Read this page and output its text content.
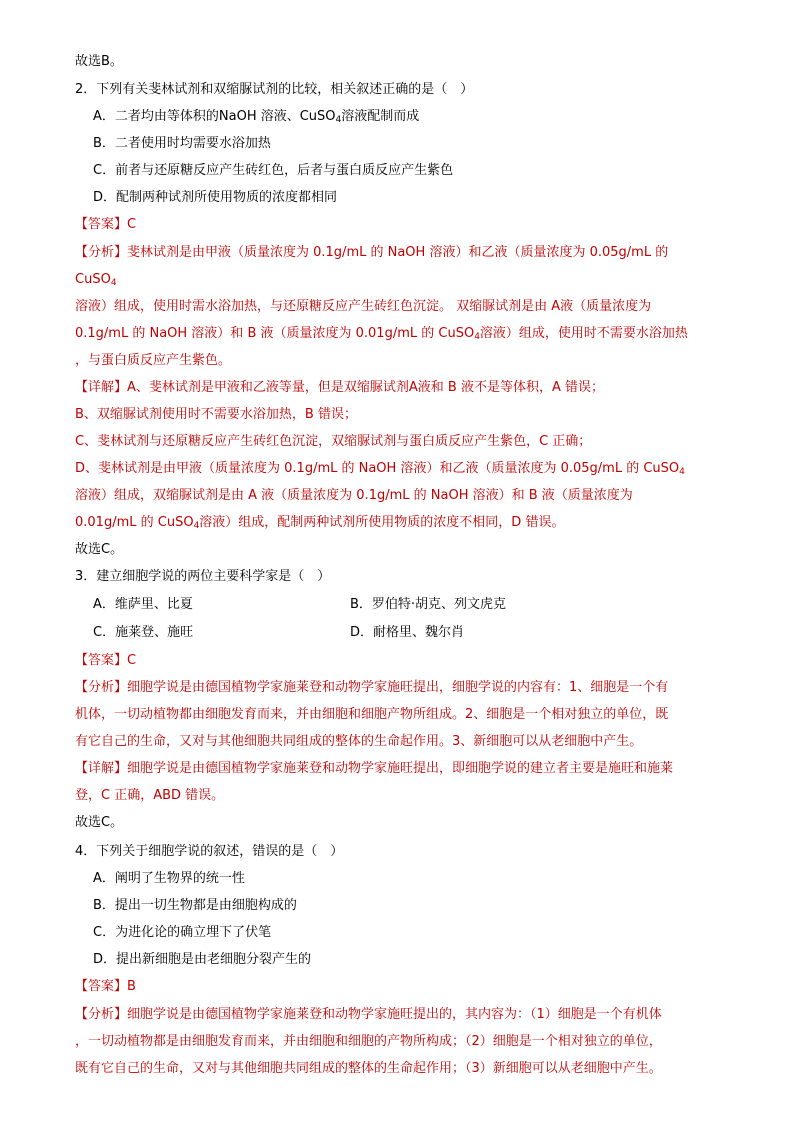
故选B。
2．下列有关斐林试剂和双缩脲试剂的比较，相关叙述正确的是（　）
A．二者均由等体积的NaOH 溶液、CuSO$_4$溶液配制而成
B．二者使用时均需要水浴加热
C．前者与还原糖反应产生砖红色，后者与蛋白质反应产生紫色
D．配制两种试剂所使用物质的浓度都相同
【答案】C
【分析】斐林试剂是由甲液（质量浓度为 0.1g/mL 的 NaOH 溶液）和乙液（质量浓度为 0.05g/mL 的
CuSO$_4$
溶液）组成，使用时需水浴加热，与还原糖反应产生砖红色沉淀。 双缩脲试剂是由 A液（质量浓度为
0.1g/mL 的 NaOH 溶液）和 B 液（质量浓度为 0.01g/mL 的 CuSO$_4$溶液）组成，使用时不需要水浴加热
，与蛋白质反应产生紫色。
【详解】A、斐林试剂是甲液和乙液等量，但是双缩脲试剂A液和 B 液不是等体积，A 错误；
B、双缩脲试剂使用时不需要水浴加热，B 错误；
C、斐林试剂与还原糖反应产生砖红色沉淀，双缩脲试剂与蛋白质反应产生紫色，C 正确；
D、斐林试剂是由甲液（质量浓度为 0.1g/mL 的 NaOH 溶液）和乙液（质量浓度为 0.05g/mL 的 CuSO$_4$
溶液）组成，双缩脲试剂是由 A 液（质量浓度为 0.1g/mL 的 NaOH 溶液）和 B 液（质量浓度为
0.01g/mL 的 CuSO$_4$溶液）组成，配制两种试剂所使用物质的浓度不相同，D 错误。
故选C。
3．建立细胞学说的两位主要科学家是（　）
A．维萨里、比夏	B．罗伯特·胡克、列文虎克
C．施莱登、施旺	D．耐格里、魏尔肖
【答案】C
【分析】细胞学说是由德国植物学家施莱登和动物学家施旺提出，细胞学说的内容有：1、细胞是一个有
机体，一切动植物都由细胞发育而来，并由细胞和细胞产物所组成。2、细胞是一个相对独立的单位，既
有它自己的生命，又对与其他细胞共同组成的整体的生命起作用。3、新细胞可以从老细胞中产生。
【详解】细胞学说是由德国植物学家施莱登和动物学家施旺提出，即细胞学说的建立者主要是施旺和施莱
登，C 正确，ABD 错误。
故选C。
4．下列关于细胞学说的叙述，错误的是（　）
A．阐明了生物界的统一性
B．提出一切生物都是由细胞构成的
C．为进化论的确立埋下了伏笔
D．提出新细胞是由老细胞分裂产生的
【答案】B
【分析】细胞学说是由德国植物学家施莱登和动物学家施旺提出的，其内容为：（1）细胞是一个有机体
，一切动植物都是由细胞发育而来，并由细胞和细胞的产物所构成；（2）细胞是一个相对独立的单位，
既有它自己的生命，又对与其他细胞共同组成的整体的生命起作用；（3）新细胞可以从老细胞中产生。
